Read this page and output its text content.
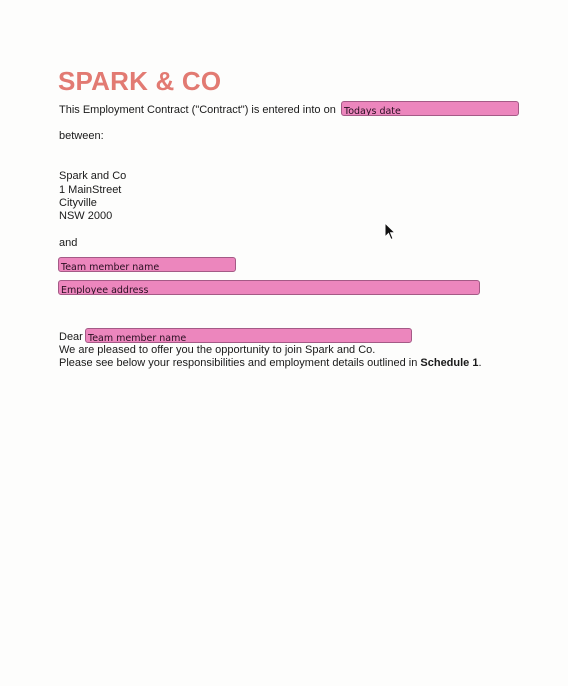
SPARK & CO
This Employment Contract ("Contract") is entered into on Todays date
between:
Spark and Co
1 MainStreet
Cityville
NSW 2000
and
Team member name
Employee address
Dear Team member name
We are pleased to offer you the opportunity to join Spark and Co.
Please see below your responsibilities and employment details outlined in Schedule 1.
